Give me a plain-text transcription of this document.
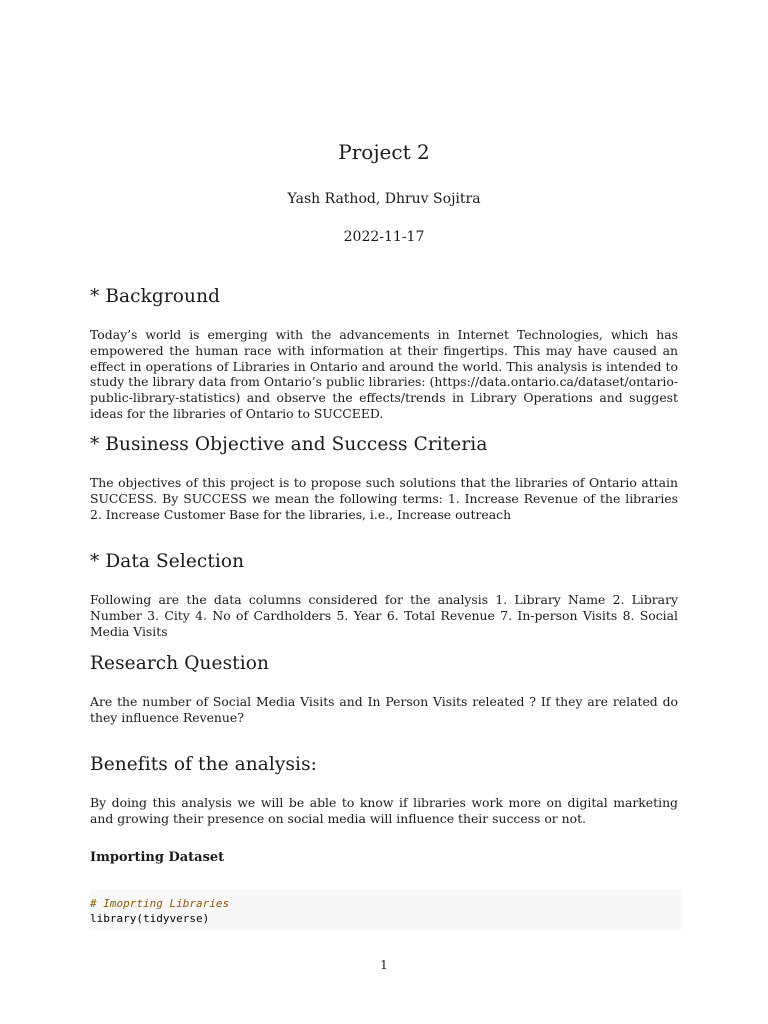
Project 2
Yash Rathod, Dhruv Sojitra
2022-11-17
* Background

Today’s world is emerging with the advancements in Internet Technologies, which has empowered the human race with information at their fingertips. This may have caused an effect in operations of Libraries in Ontario and around the world. This analysis is intended to study the library data from Ontario’s public libraries: (https://data.ontario.ca/dataset/ontario-public-library-statistics) and observe the effects/trends in Library Operations and suggest ideas for the libraries of Ontario to SUCCEED.

* Business Objective and Success Criteria

The objectives of this project is to propose such solutions that the libraries of Ontario attain SUCCESS. By SUCCESS we mean the following terms: 1. Increase Revenue of the libraries 2. Increase Customer Base for the libraries, i.e., Increase outreach

* Data Selection

Following are the data columns considered for the analysis 1. Library Name 2. Library Number 3. City 4. No of Cardholders 5. Year 6. Total Revenue 7. In-person Visits 8. Social Media Visits

Research Question

Are the number of Social Media Visits and In Person Visits releated ? If they are related do they influence Revenue?

Benefits of the analysis:

By doing this analysis we will be able to know if libraries work more on digital marketing and growing their presence on social media will influence their success or not.

Importing Dataset
# Imoprting Libraries
library(tidyverse)
1
